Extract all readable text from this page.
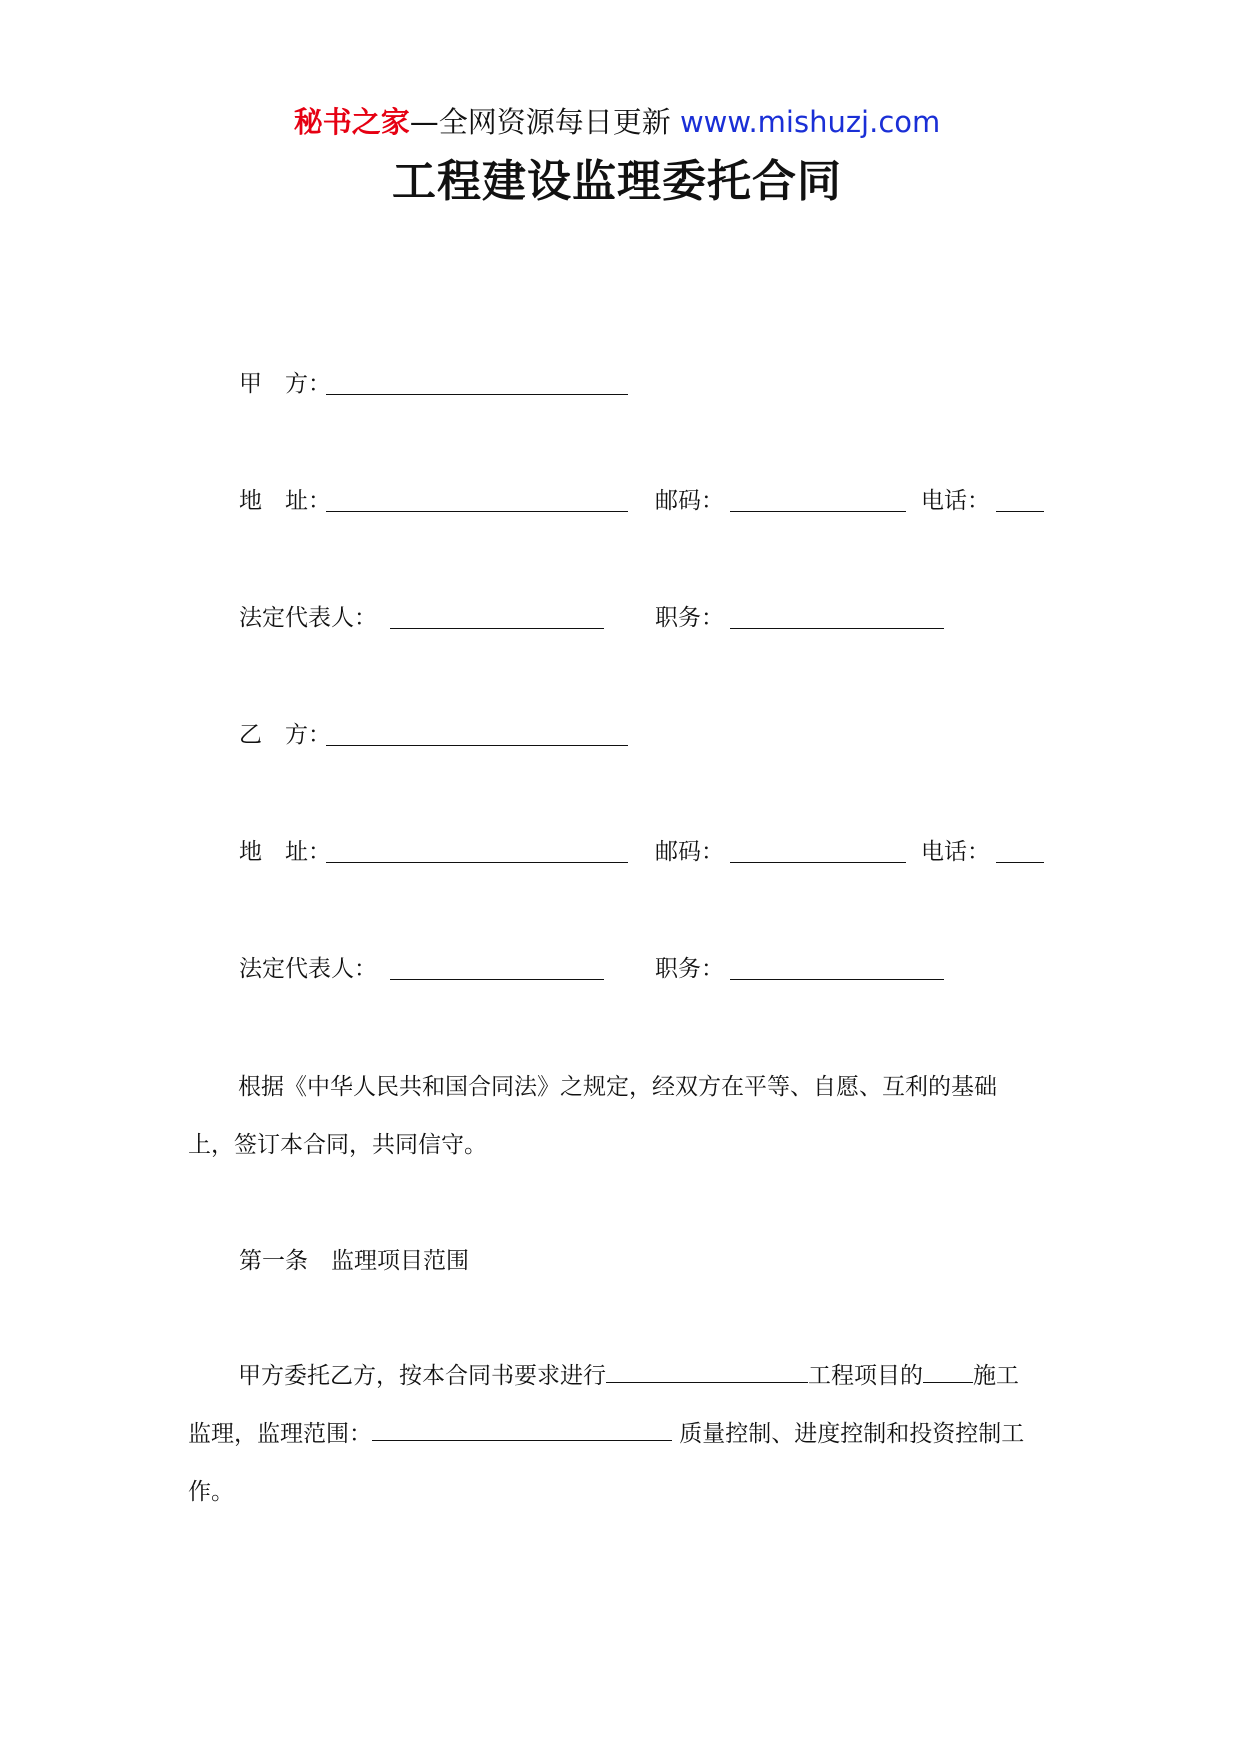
秘书之家—全网资源每日更新 www.mishuzj.com
工程建设监理委托合同
甲　方：
地　址：	邮码：	电话：
法定代表人：	职务：
乙　方：
地　址：	邮码：	电话：
法定代表人：	职务：
根据《中华人民共和国合同法》之规定，经双方在平等、自愿、互利的基础上，签订本合同，共同信守。
第一条　监理项目范围
甲方委托乙方，按本合同书要求进行	工程项目的 施工监理，监理范围：	质量控制、进度控制和投资控制工作。
